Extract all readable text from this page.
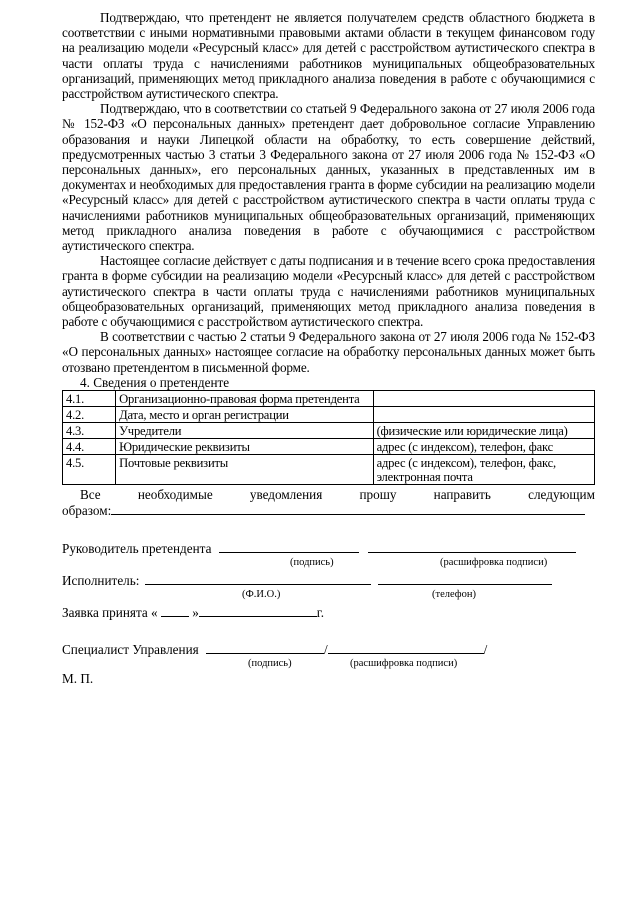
Подтверждаю, что претендент не является получателем средств областного бюджета в соответствии с иными нормативными правовыми актами области в текущем финансовом году на реализацию модели «Ресурсный класс» для детей с расстройством аутистического спектра в части оплаты труда с начислениями работников муниципальных общеобразовательных организаций, применяющих метод прикладного анализа поведения в работе с обучающимися с расстройством аутистического спектра.

Подтверждаю, что в соответствии со статьей 9 Федерального закона от 27 июля 2006 года № 152-ФЗ «О персональных данных» претендент дает добровольное согласие Управлению образования и науки Липецкой области на обработку, то есть совершение действий, предусмотренных частью 3 статьи 3 Федерального закона от 27 июля 2006 года № 152-ФЗ «О персональных данных», его персональных данных, указанных в представленных им в документах и необходимых для предоставления гранта в форме субсидии на реализацию модели «Ресурсный класс» для детей с расстройством аутистического спектра в части оплаты труда с начислениями работников муниципальных общеобразовательных организаций, применяющих метод прикладного анализа поведения в работе с обучающимися с расстройством аутистического спектра.

Настоящее согласие действует с даты подписания и в течение всего срока предоставления гранта в форме субсидии на реализацию модели «Ресурсный класс» для детей с расстройством аутистического спектра в части оплаты труда с начислениями работников муниципальных общеобразовательных организаций, применяющих метод прикладного анализа поведения в работе с обучающимися с расстройством аутистического спектра.

В соответствии с частью 2 статьи 9 Федерального закона от 27 июля 2006 года № 152-ФЗ «О персональных данных» настоящее согласие на обработку персональных данных может быть отозвано претендентом в письменной форме.

4. Сведения о претенденте

4.1.	Организационно-правовая форма претендента	
4.2.	Дата, место и орган регистрации	
4.3.	Учредители	(физические или юридические лица)
4.4.	Юридические реквизиты	адрес (с индексом), телефон, факс
4.5.	Почтовые реквизиты	адрес (с индексом), телефон, факс, электронная почта
Все	необходимые	уведомления	прошу	направить	следующим
образом:
Руководитель претендента
(подпись)	(расшифровка подписи)
Исполнитель:
(Ф.И.О.)	(телефон)
Заявка принята «	»	г.
Специалист Управления	/	/
(подпись)	(расшифровка подписи)
М. П.
